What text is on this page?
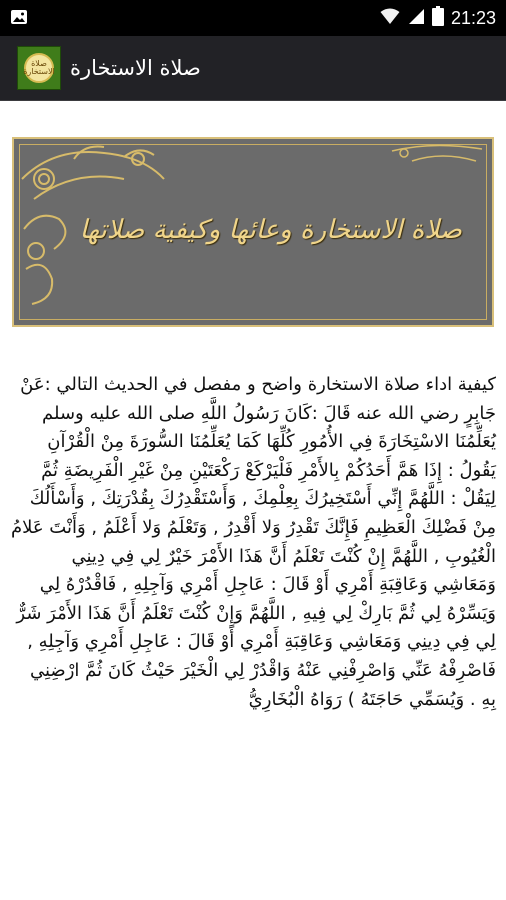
21:23
صلاة الاستخارة صلاة الاستخارة
صلاة الاستخارة وعائها وكيفية صلاتها

كيفية اداء صلاة الاستخارة واضح و مفصل في الحديث التالي :عَنْ جَابِرٍ رضي الله عنه قَالَ :كَانَ رَسُولُ اللَّهِ صلى الله عليه وسلم يُعَلِّمُنَا الاسْتِخَارَةَ فِي الأُمُورِ كُلِّهَا كَمَا يُعَلِّمُنَا السُّورَةَ مِنْ الْقُرْآنِ يَقُولُ : إِذَا هَمَّ أَحَدُكُمْ بِالأَمْرِ فَلْيَرْكَعْ رَكْعَتَيْنِ مِنْ غَيْرِ الْفَرِيضَةِ ثُمَّ لِيَقُلْ : اللَّهُمَّ إِنِّي أَسْتَخِيرُكَ بِعِلْمِكَ , وَأَسْتَقْدِرُكَ بِقُدْرَتِكَ , وَأَسْأَلُكَ مِنْ فَضْلِكَ الْعَظِيمِ فَإِنَّكَ تَقْدِرُ وَلا أَقْدِرُ , وَتَعْلَمُ وَلا أَعْلَمُ , وَأَنْتَ عَلامُ الْغُيُوبِ , اللَّهُمَّ إِنْ كُنْتَ تَعْلَمُ أَنَّ هَذَا الأَمْرَ خَيْرٌ لِي فِي دِينِي وَمَعَاشِي وَعَاقِبَةِ أَمْرِي أَوْ قَالَ : عَاجِلِ أَمْرِي وَآجِلِهِ , فَاقْدُرْهُ لِي وَيَسِّرْهُ لِي ثُمَّ بَارِكْ لِي فِيهِ , اللَّهُمَّ وَإِنْ كُنْتَ تَعْلَمُ أَنَّ هَذَا الأَمْرَ شَرٌّ لِي فِي دِينِي وَمَعَاشِي وَعَاقِبَةِ أَمْرِي أَوْ قَالَ : عَاجِلِ أَمْرِي وَآجِلِهِ , فَاصْرِفْهُ عَنِّي وَاصْرِفْنِي عَنْهُ وَاقْدُرْ لِي الْخَيْرَ حَيْثُ كَانَ ثُمَّ ارْضِنِي بِهِ . وَيُسَمِّي حَاجَتَهُ ) رَوَاهُ الْبُخَارِيُّ
